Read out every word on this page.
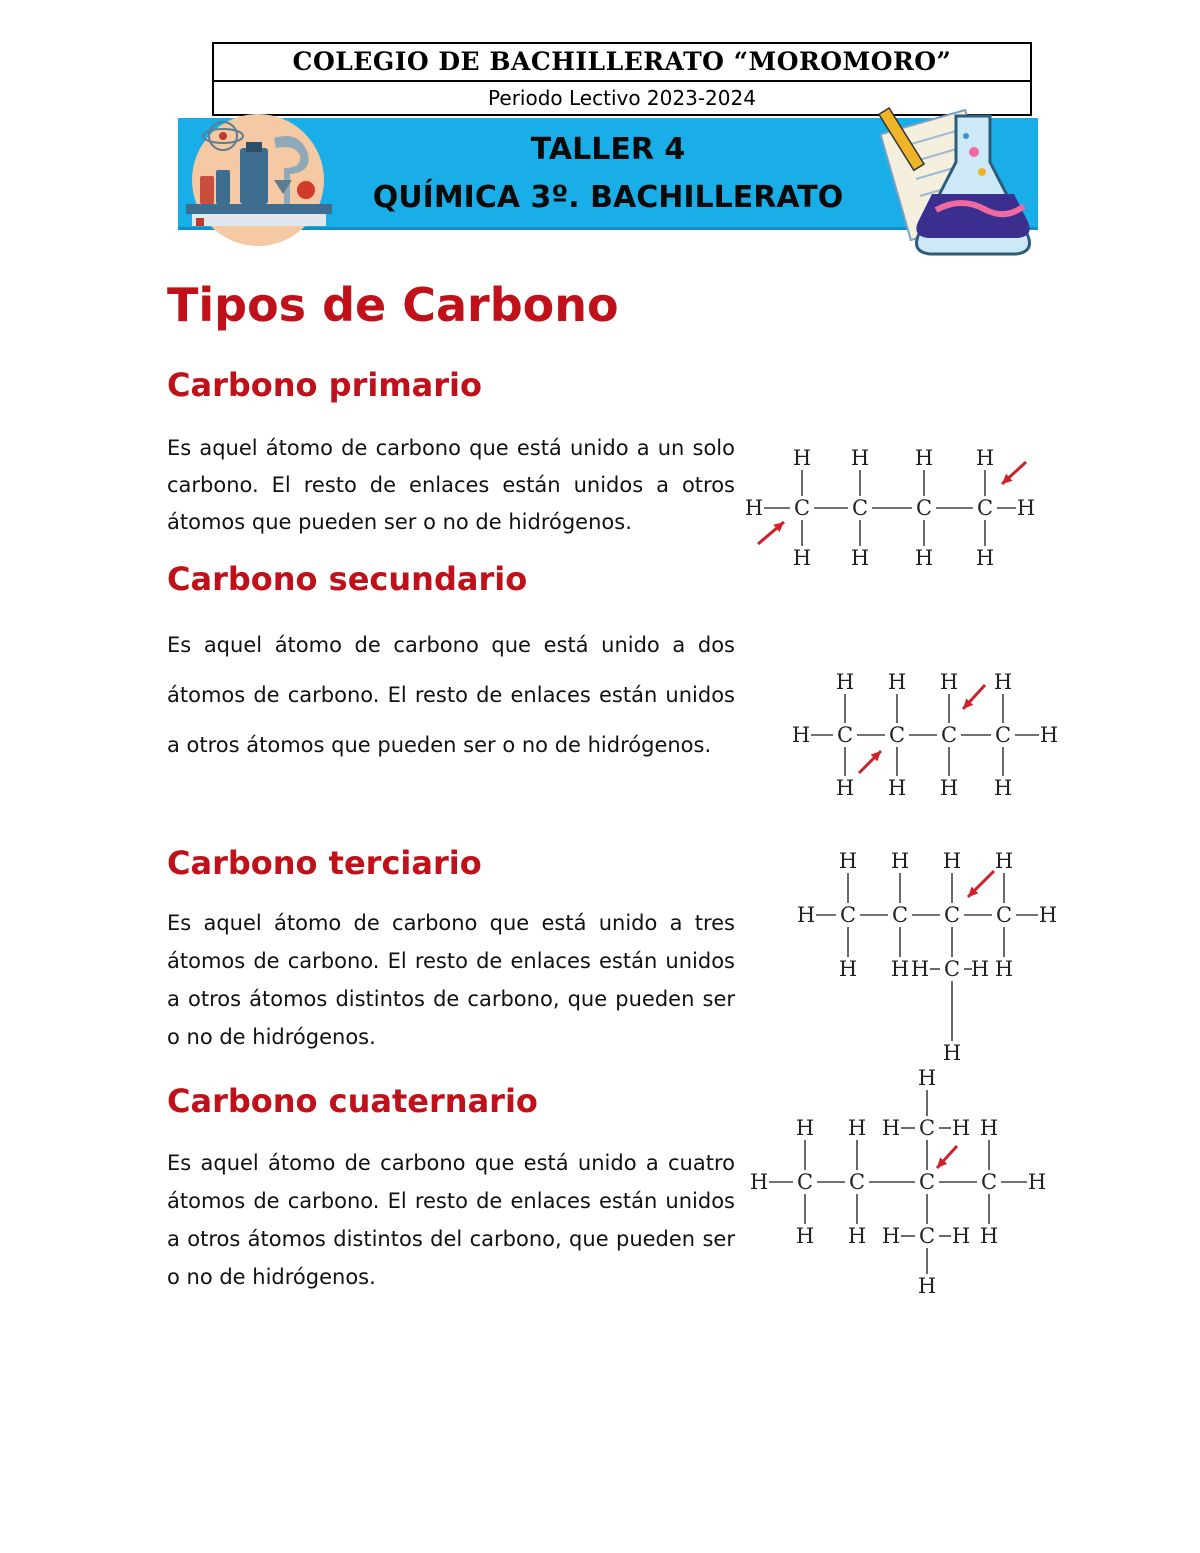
COLEGIO DE BACHILLERATO “MOROMORO”
Periodo Lectivo 2023-2024
TALLER 4
QUÍMICA 3º. BACHILLERATO
Tipos de Carbono
Carbono primario

Es aquel átomo de carbono que está unido a un solo carbono. El resto de enlaces están unidos a otros átomos que pueden ser o no de hidrógenos.

Carbono secundario

Es aquel átomo de carbono que está unido a dos átomos de carbono. El resto de enlaces están unidos a otros átomos que pueden ser o no de hidrógenos.

Carbono terciario

Es aquel átomo de carbono que está unido a tres átomos de carbono. El resto de enlaces están unidos a otros átomos distintos de carbono, que pueden ser o no de hidrógenos.

Carbono cuaternario

Es aquel átomo de carbono que está unido a cuatro átomos de carbono. El resto de enlaces están unidos a otros átomos distintos del carbono, que pueden ser o no de hidrógenos.

C
H
H
C
H
H
C
H
H
C
H
H
H	H
C
H
H
C
H
H
C
H
H
C
H
H
H	H
C
H
H
C
H
H
C
H
C
H
H
H	H
C
H H
H
C
H
H
C
H
H
C C
H
H
H	H
C
H H
H
C
H H
H
